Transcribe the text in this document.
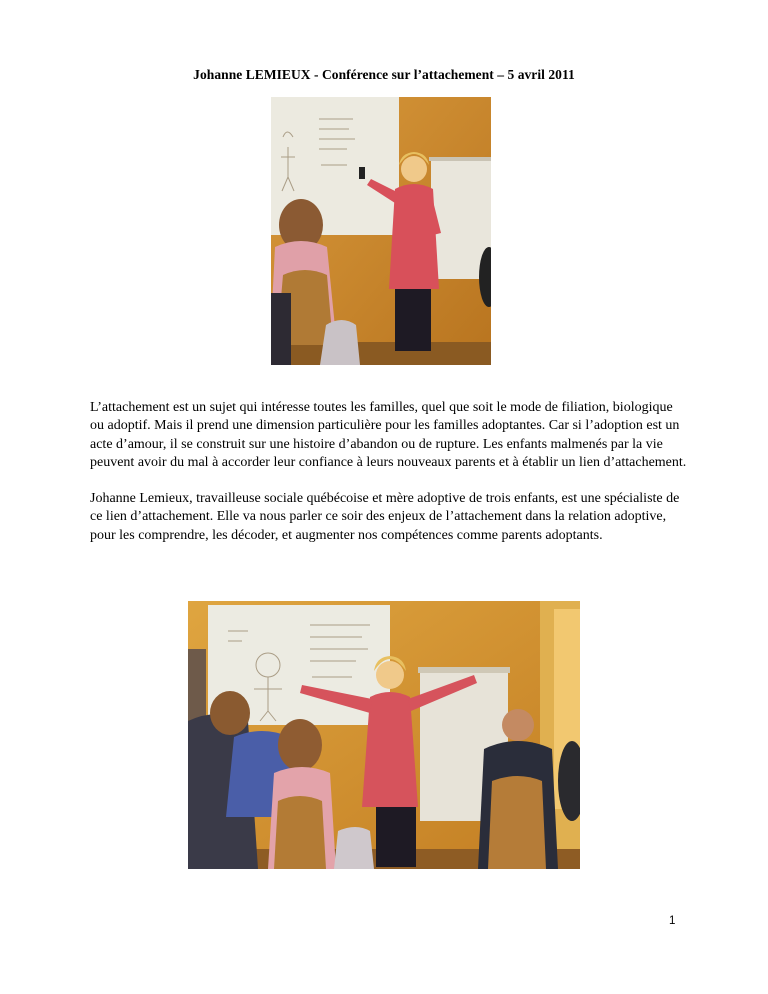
Johanne LEMIEUX - Conférence sur l’attachement – 5 avril 2011

L’attachement est un sujet qui intéresse toutes les familles, quel que soit le mode de filiation, biologique ou adoptif. Mais il prend une dimension particulière pour les familles adoptantes. Car si l’adoption est un acte d’amour, il se construit sur une histoire d’abandon ou de rupture. Les enfants malmenés par la vie peuvent avoir du mal à accorder leur confiance à leurs nouveaux parents et à établir un lien d’attachement.

Johanne Lemieux, travailleuse sociale québécoise et mère adoptive de trois enfants, est une spécialiste de ce lien d’attachement. Elle va nous parler ce soir des enjeux de l’attachement dans la relation adoptive, pour les comprendre, les décoder, et augmenter nos compétences comme parents adoptants.

1
